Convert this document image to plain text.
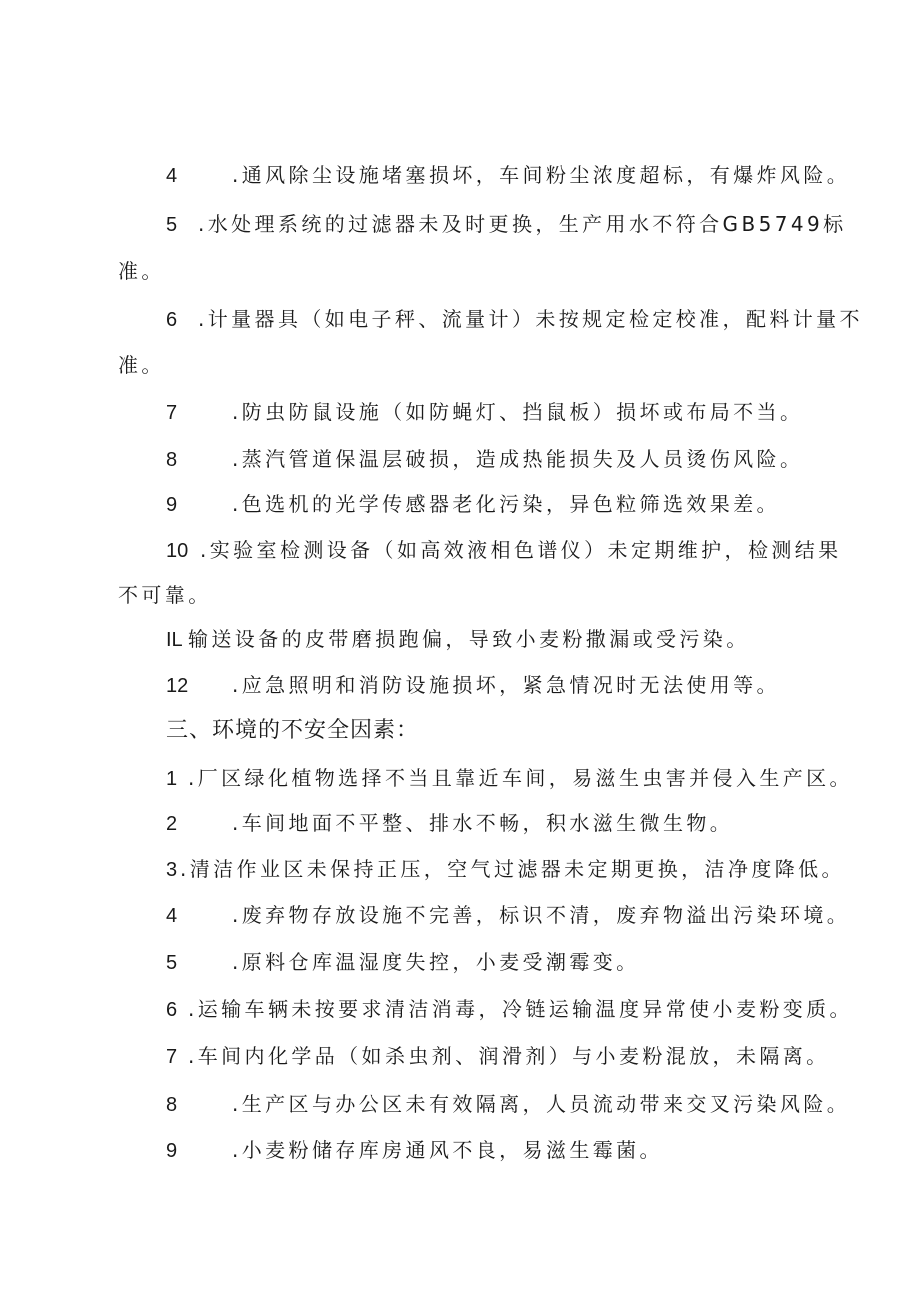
4	.通风除尘设施堵塞损坏，车间粉尘浓度超标，有爆炸风险。
5 .水处理系统的过滤器未及时更换，生产用水不符合GB5749标
准。
6 .计量器具（如电子秤、流量计）未按规定检定校准，配料计量不
准。
7	.防虫防鼠设施（如防蝇灯、挡鼠板）损坏或布局不当。
8	.蒸汽管道保温层破损，造成热能损失及人员烫伤风险。
9	.色选机的光学传感器老化污染，异色粒筛选效果差。
10 .实验室检测设备（如高效液相色谱仪）未定期维护，检测结果
不可靠。
IL 输送设备的皮带磨损跑偏，导致小麦粉撒漏或受污染。
12 .应急照明和消防设施损坏，紧急情况时无法使用等。
三、环境的不安全因素：
1 .厂区绿化植物选择不当且靠近车间，易滋生虫害并侵入生产区。
2	.车间地面不平整、排水不畅，积水滋生微生物。
3 .清洁作业区未保持正压，空气过滤器未定期更换，洁净度降低。
4	.废弃物存放设施不完善，标识不清，废弃物溢出污染环境。
5	.原料仓库温湿度失控，小麦受潮霉变。
6 .运输车辆未按要求清洁消毒，冷链运输温度异常使小麦粉变质。
7 .车间内化学品（如杀虫剂、润滑剂）与小麦粉混放，未隔离。
8	.生产区与办公区未有效隔离，人员流动带来交叉污染风险。
9	.小麦粉储存库房通风不良，易滋生霉菌。
